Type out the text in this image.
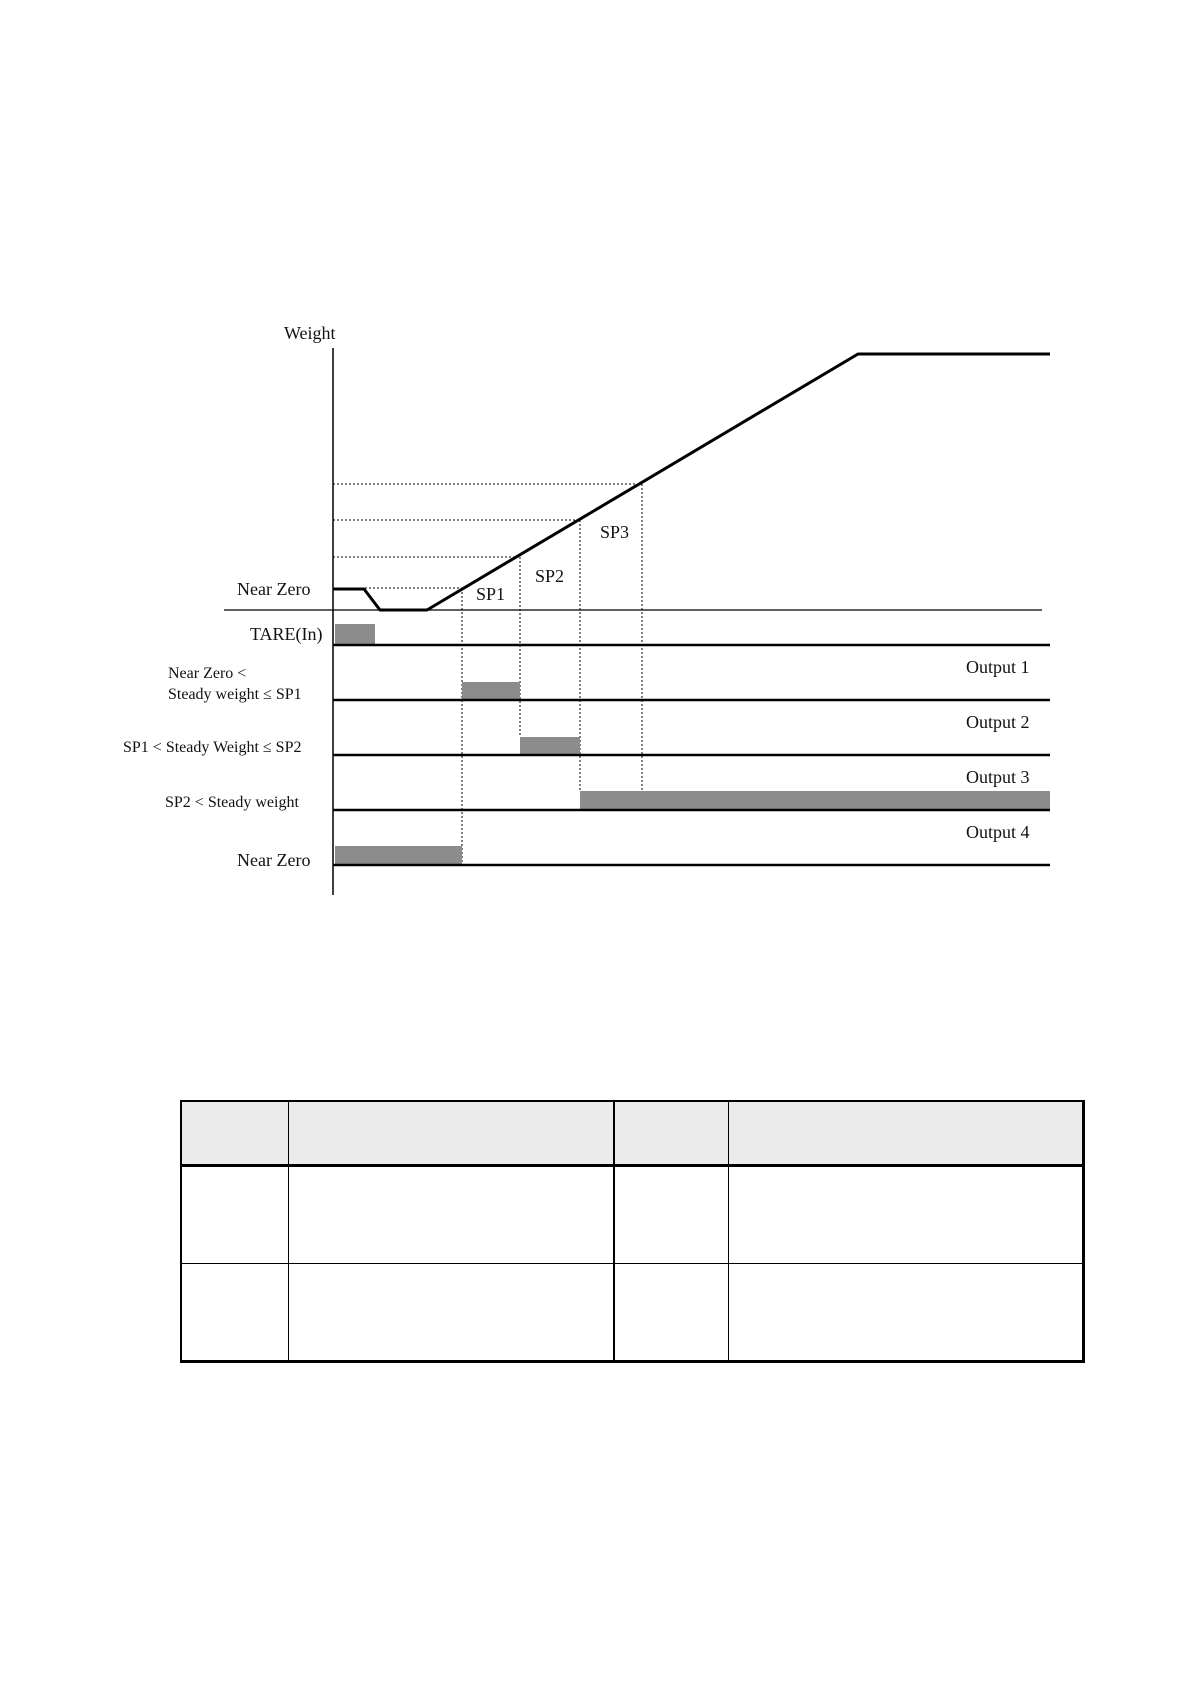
Weight
Near Zero	SP1
SP2
SP3
TARE(In)
Near Zero <
Steady weight ≤ SP1
Output 1
SP1 < Steady Weight ≤ SP2
Output 2
SP2 < Steady weight
Output 3
Near Zero
Output 4
